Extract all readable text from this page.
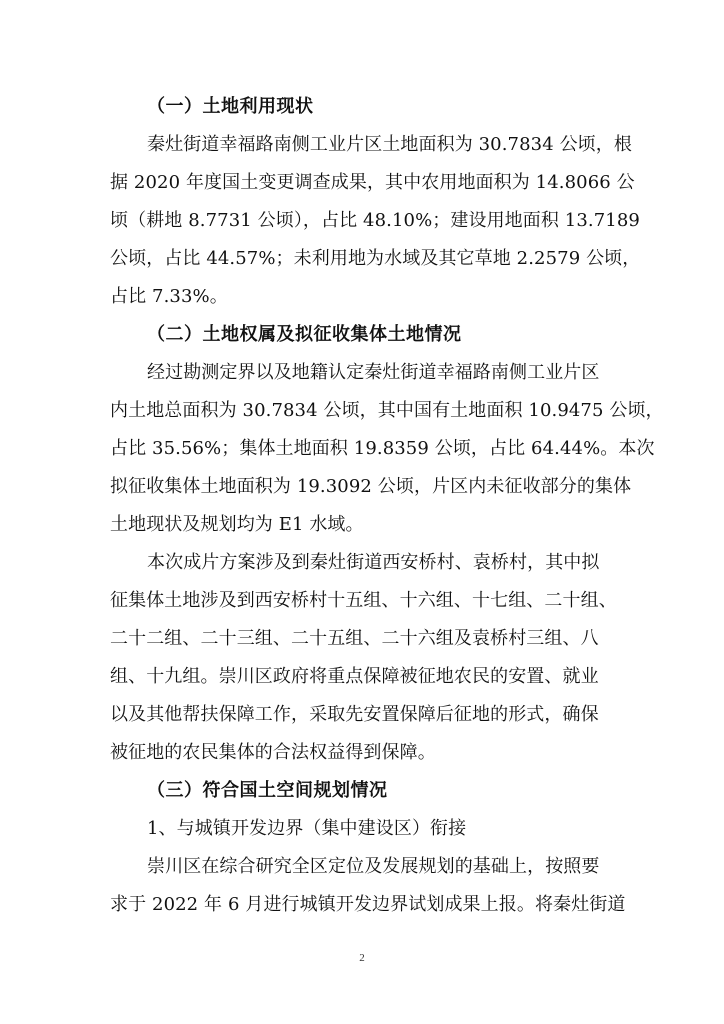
（一）土地利用现状
秦灶街道幸福路南侧工业片区土地面积为 30.7834 公顷，根
据 2020 年度国土变更调查成果，其中农用地面积为 14.8066 公
顷（耕地 8.7731 公顷），占比 48.10%；建设用地面积 13.7189
公顷，占比 44.57%；未利用地为水域及其它草地 2.2579 公顷，
占比 7.33%。
（二）土地权属及拟征收集体土地情况
经过勘测定界以及地籍认定秦灶街道幸福路南侧工业片区
内土地总面积为 30.7834 公顷，其中国有土地面积 10.9475 公顷，
占比 35.56%；集体土地面积 19.8359 公顷，占比 64.44%。本次
拟征收集体土地面积为 19.3092 公顷，片区内未征收部分的集体
土地现状及规划均为 E1 水域。
本次成片方案涉及到秦灶街道西安桥村、袁桥村，其中拟
征集体土地涉及到西安桥村十五组、十六组、十七组、二十组、
二十二组、二十三组、二十五组、二十六组及袁桥村三组、八
组、十九组。崇川区政府将重点保障被征地农民的安置、就业
以及其他帮扶保障工作，采取先安置保障后征地的形式，确保
被征地的农民集体的合法权益得到保障。
（三）符合国土空间规划情况
1、与城镇开发边界（集中建设区）衔接
崇川区在综合研究全区定位及发展规划的基础上，按照要
求于 2022 年 6 月进行城镇开发边界试划成果上报。将秦灶街道
2
